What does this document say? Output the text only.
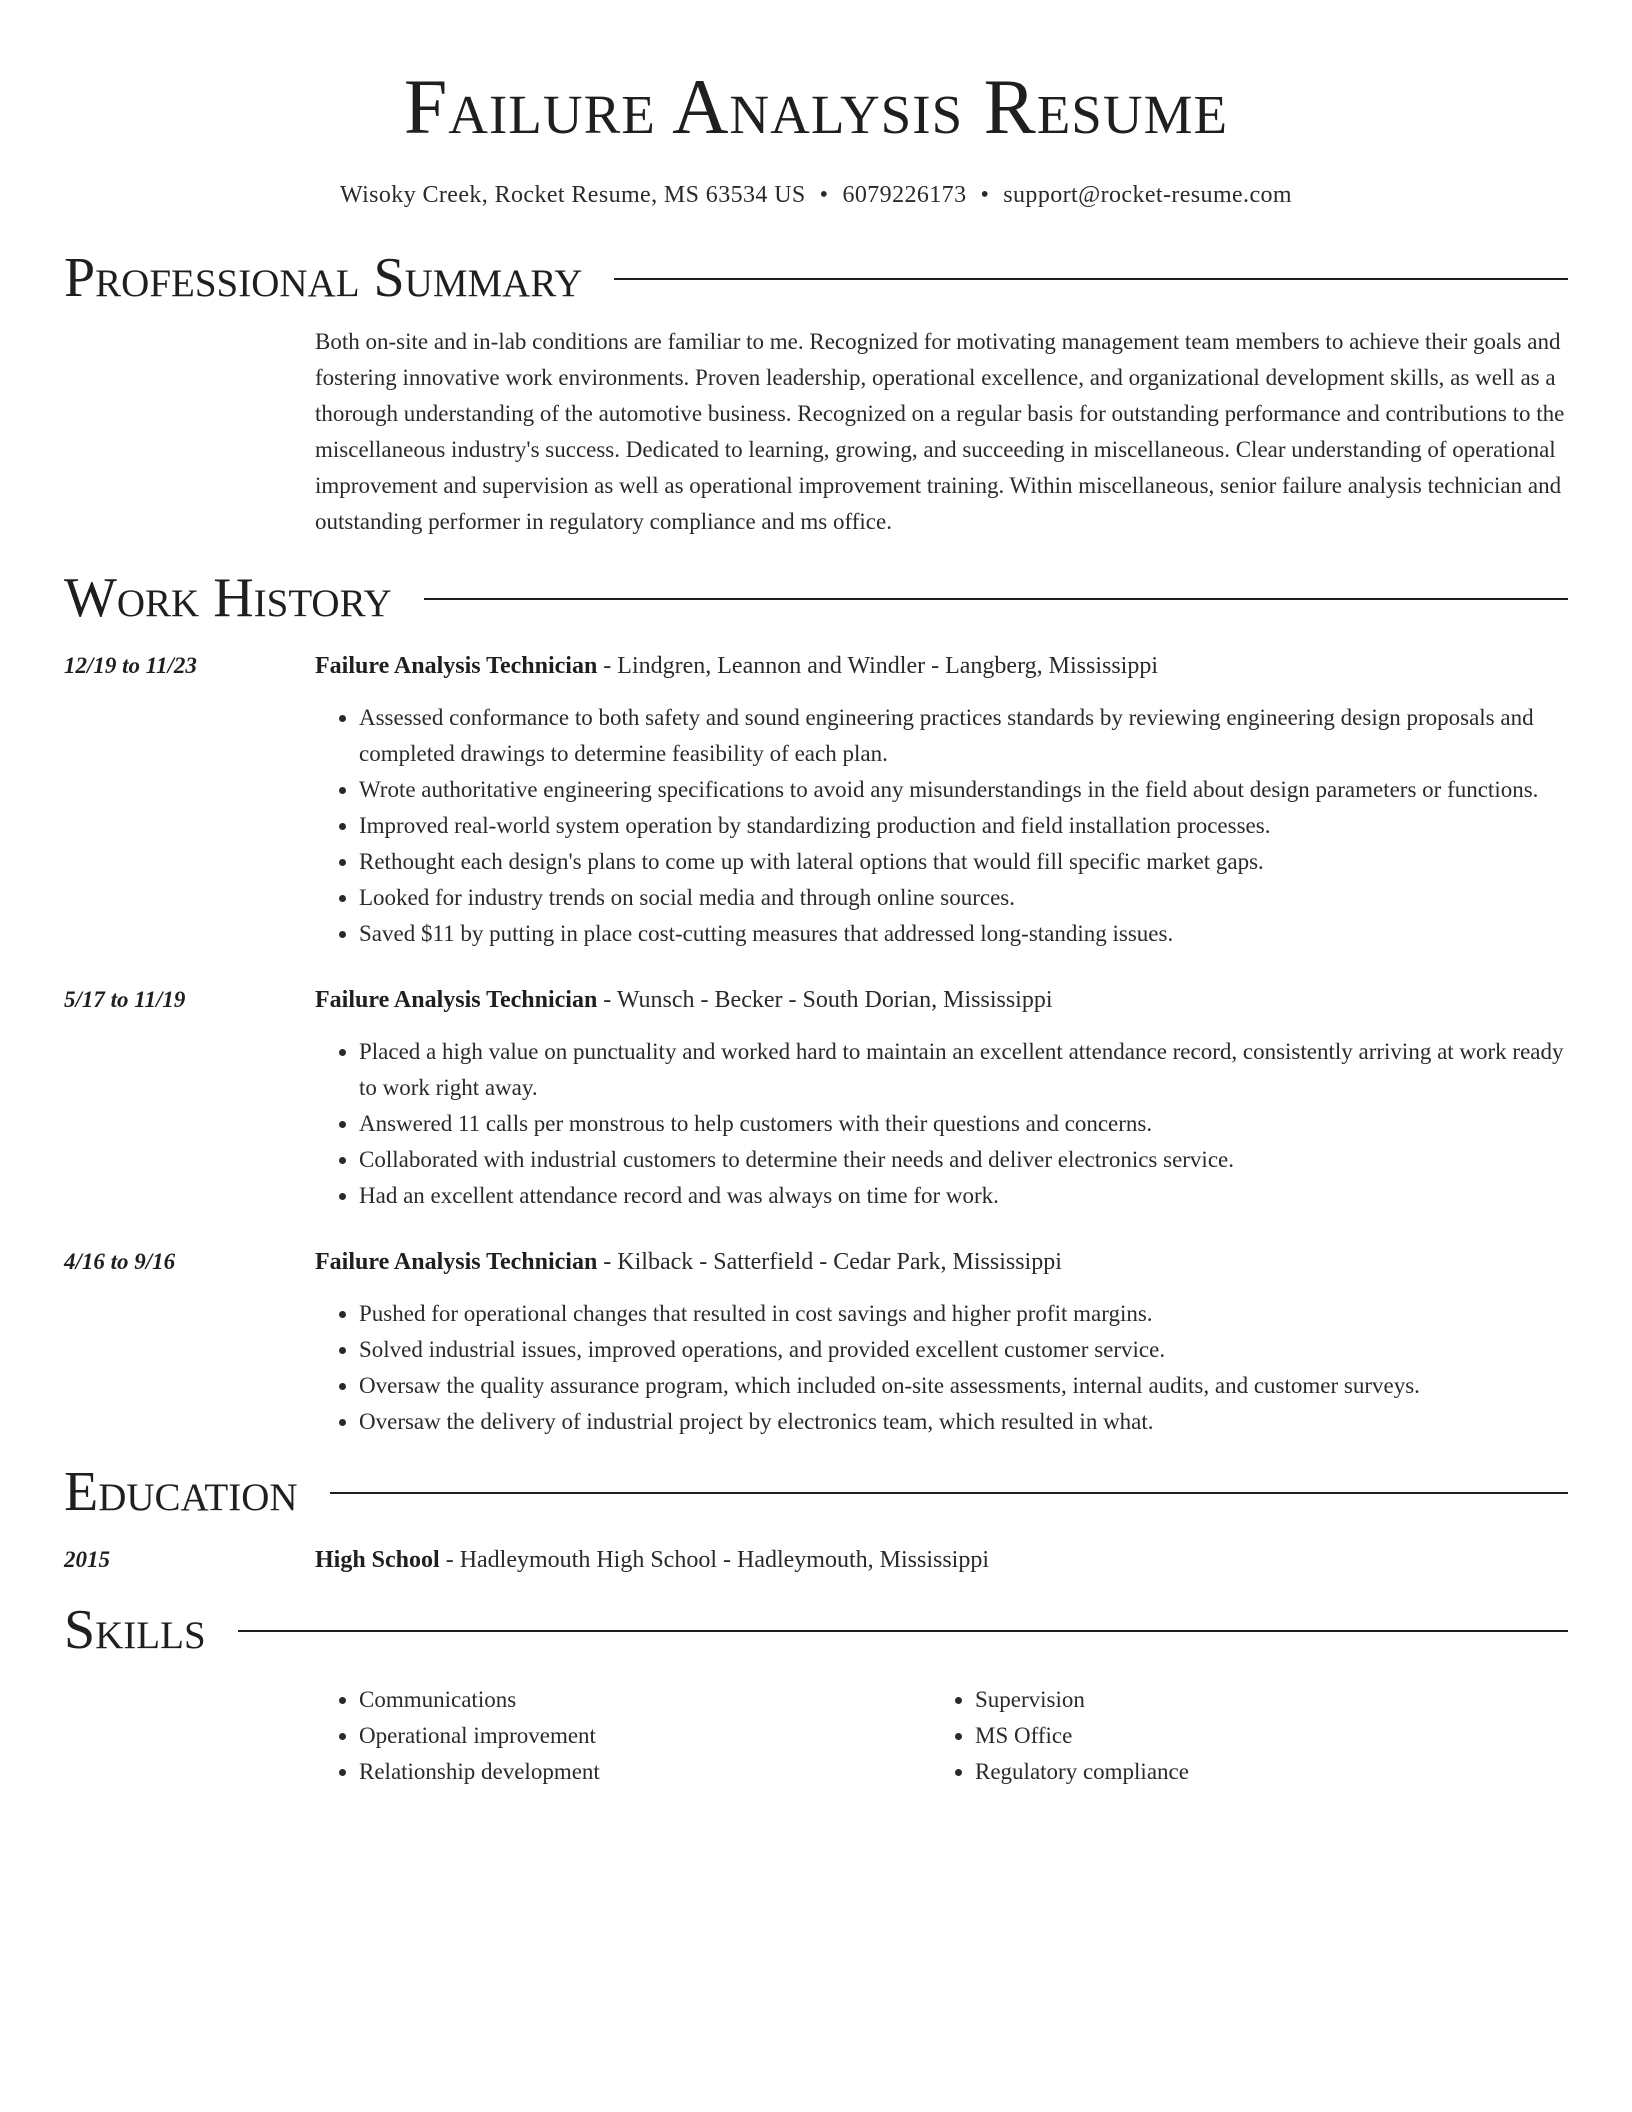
Failure Analysis Resume
Wisoky Creek, Rocket Resume, MS 63534 US • 6079226173 • support@rocket-resume.com
Professional Summary

Both on-site and in-lab conditions are familiar to me. Recognized for motivating management team members to achieve their goals and fostering innovative work environments. Proven leadership, operational excellence, and organizational development skills, as well as a thorough understanding of the automotive business. Recognized on a regular basis for outstanding performance and contributions to the miscellaneous industry's success. Dedicated to learning, growing, and succeeding in miscellaneous. Clear understanding of operational improvement and supervision as well as operational improvement training. Within miscellaneous, senior failure analysis technician and outstanding performer in regulatory compliance and ms office.

Work History
12/19 to 11/23	Failure Analysis Technician - Lindgren, Leannon and Windler - Langberg, Mississippi
• Assessed conformance to both safety and sound engineering practices standards by reviewing engineering design proposals and completed drawings to determine feasibility of each plan.
• Wrote authoritative engineering specifications to avoid any misunderstandings in the field about design parameters or functions.
• Improved real-world system operation by standardizing production and field installation processes.
• Rethought each design's plans to come up with lateral options that would fill specific market gaps.
• Looked for industry trends on social media and through online sources.
• Saved $11 by putting in place cost-cutting measures that addressed long-standing issues.
5/17 to 11/19	Failure Analysis Technician - Wunsch - Becker - South Dorian, Mississippi
• Placed a high value on punctuality and worked hard to maintain an excellent attendance record, consistently arriving at work ready to work right away.
• Answered 11 calls per monstrous to help customers with their questions and concerns.
• Collaborated with industrial customers to determine their needs and deliver electronics service.
• Had an excellent attendance record and was always on time for work.
4/16 to 9/16	Failure Analysis Technician - Kilback - Satterfield - Cedar Park, Mississippi
• Pushed for operational changes that resulted in cost savings and higher profit margins.
• Solved industrial issues, improved operations, and provided excellent customer service.
• Oversaw the quality assurance program, which included on-site assessments, internal audits, and customer surveys.
• Oversaw the delivery of industrial project by electronics team, which resulted in what.
Education
2015	High School - Hadleymouth High School - Hadleymouth, Mississippi
Skills
• Communications
• Operational improvement
• Relationship development
• Supervision
• MS Office
• Regulatory compliance
